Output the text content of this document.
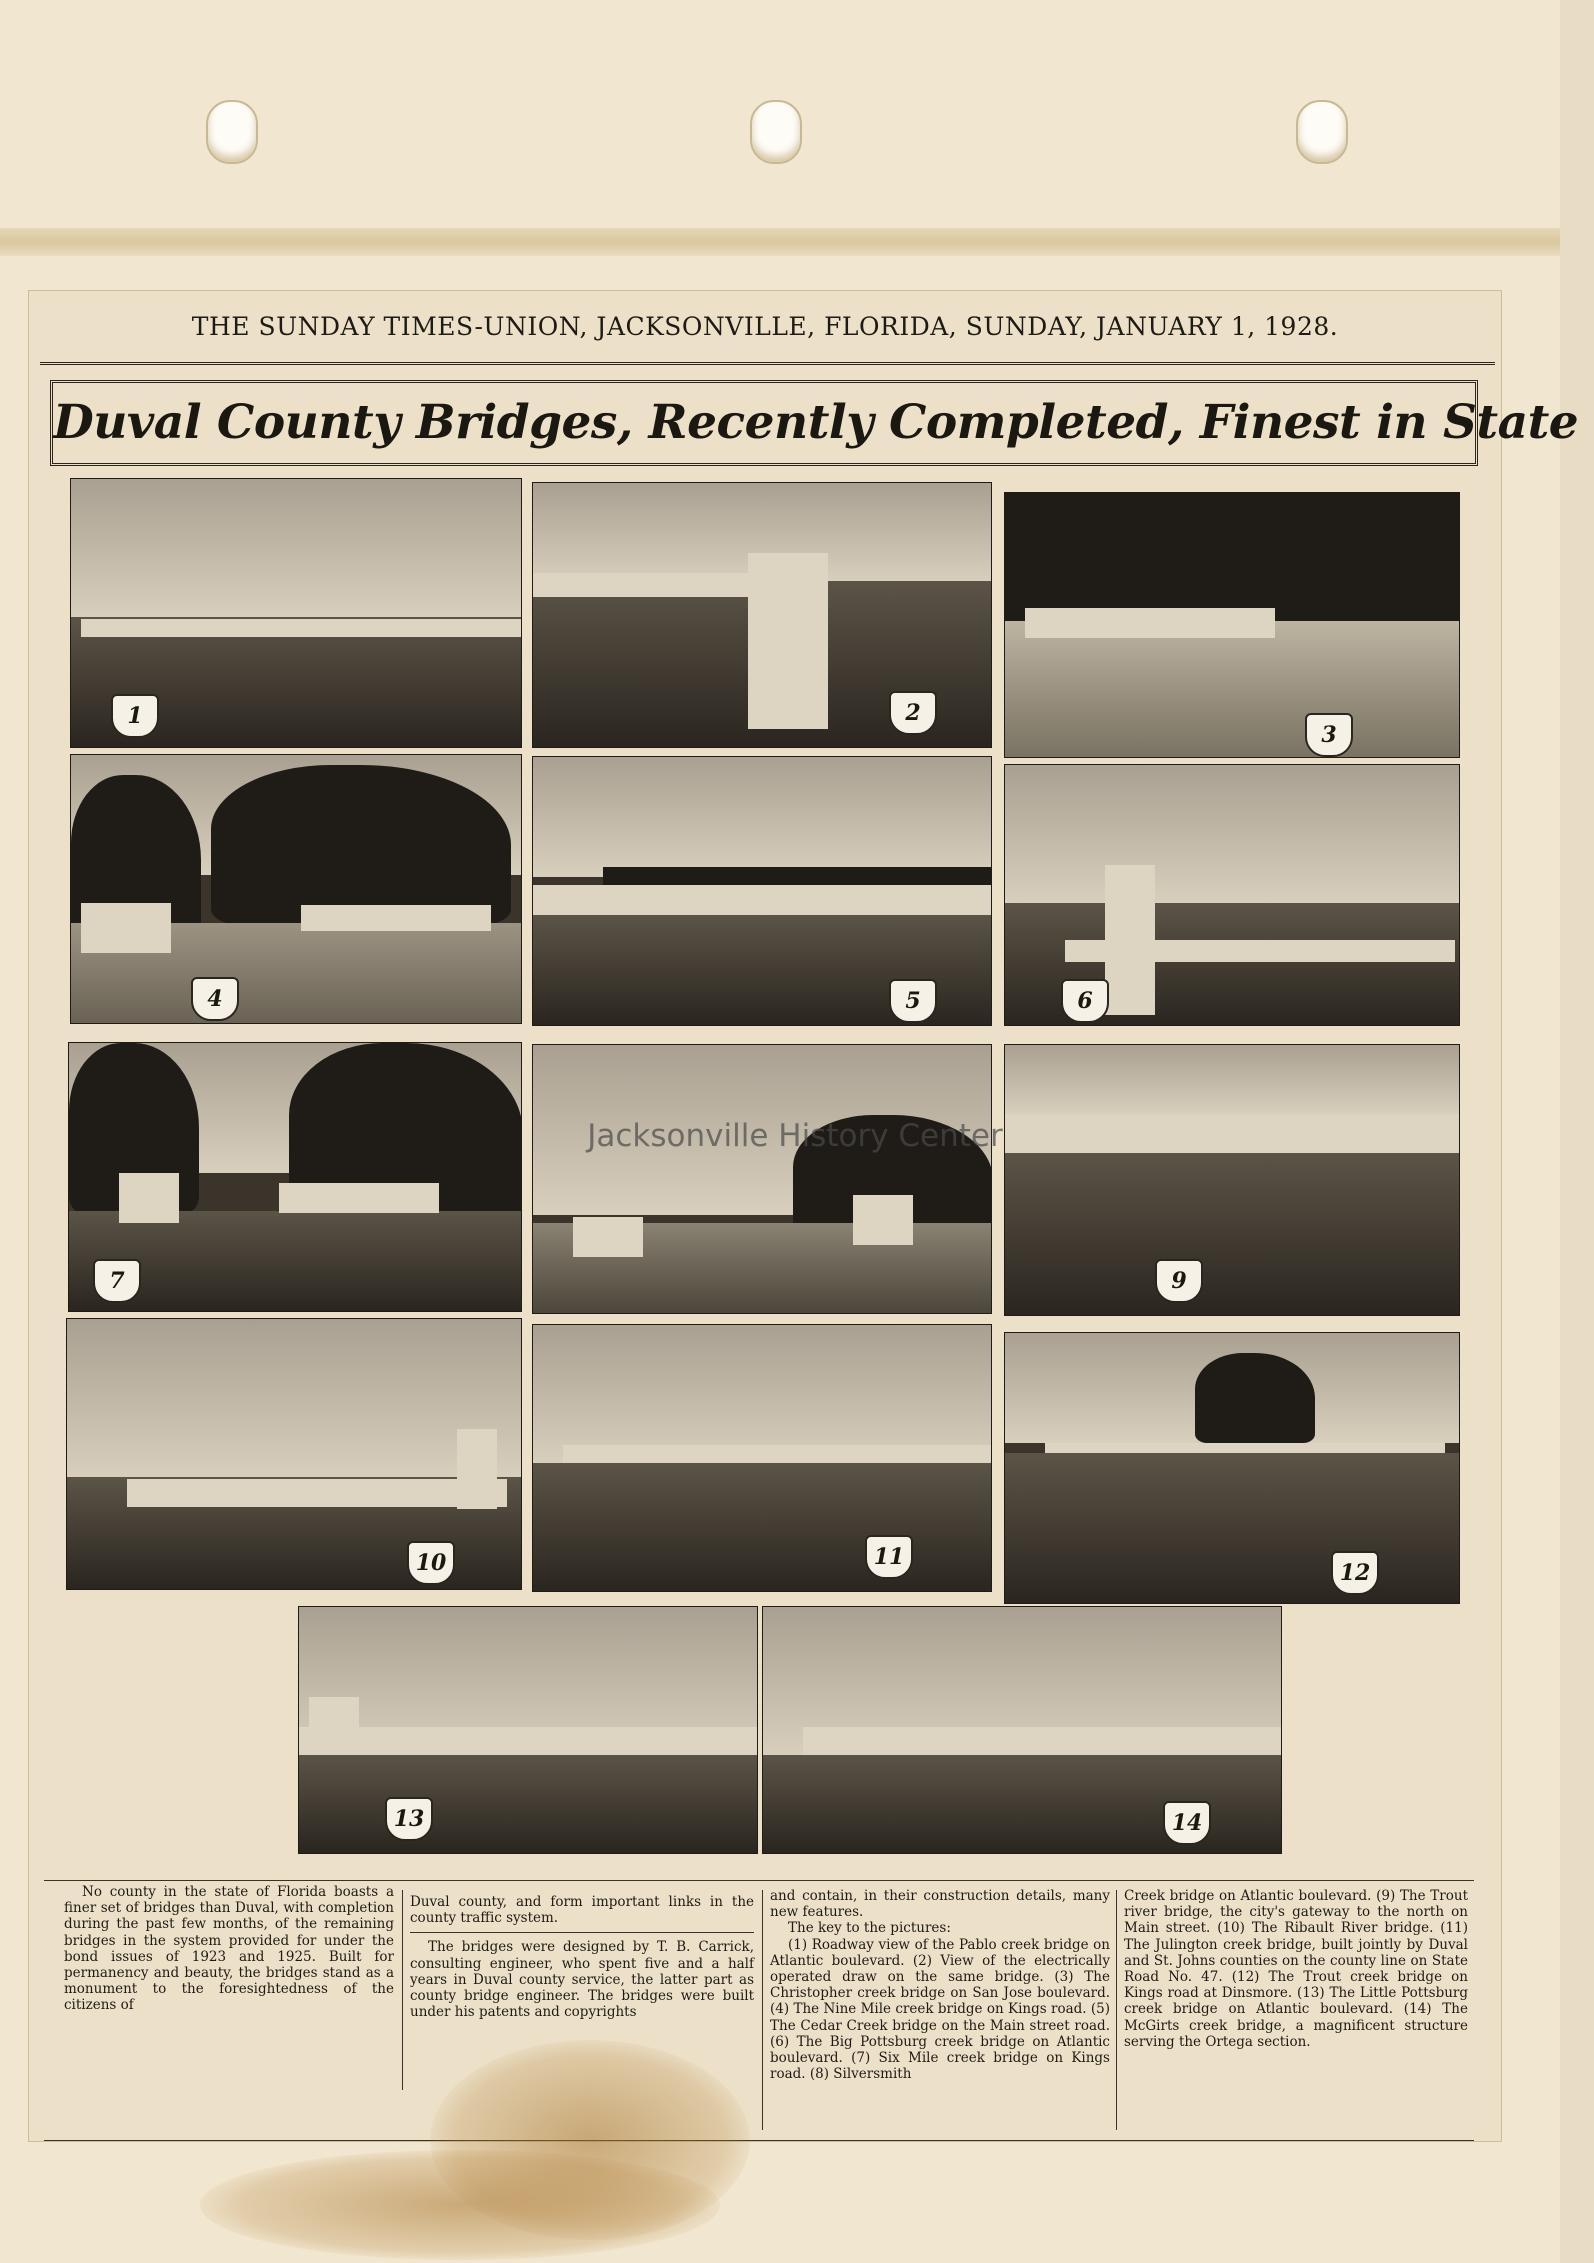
THE SUNDAY TIMES-UNION, JACKSONVILLE, FLORIDA, SUNDAY, JANUARY 1, 1928.
Duval County Bridges, Recently Completed, Finest in State
1	2
3
4	5	6
7	9
10	11
12
13	14
Jacksonville History Center

No county in the state of Florida boasts a finer set of bridges than Duval, with completion during the past few months, of the remaining bridges in the system provided for under the bond issues of 1923 and 1925. Built for permanency and beauty, the bridges stand as a monument to the foresightedness of the citizens of

Duval county, and form important links in the county traffic system.

The bridges were designed by T. B. Carrick, consulting engineer, who spent five and a half years in Duval county service, the latter part as county bridge engineer. The bridges were built under his patents and copyrights

and contain, in their construction details, many new features.

The key to the pictures:

(1) Roadway view of the Pablo creek bridge on Atlantic boulevard. (2) View of the electrically operated draw on the same bridge. (3) The Christopher creek bridge on San Jose boulevard. (4) The Nine Mile creek bridge on Kings road. (5) The Cedar Creek bridge on the Main street road. (6) The Big Pottsburg creek bridge on Atlantic boulevard. (7) Six Mile creek bridge on Kings road. (8) Silversmith

Creek bridge on Atlantic boulevard. (9) The Trout river bridge, the city's gateway to the north on Main street. (10) The Ribault River bridge. (11) The Julington creek bridge, built jointly by Duval and St. Johns counties on the county line on State Road No. 47. (12) The Trout creek bridge on Kings road at Dinsmore. (13) The Little Pottsburg creek bridge on Atlantic boulevard. (14) The McGirts creek bridge, a magnificent structure serving the Ortega section.
